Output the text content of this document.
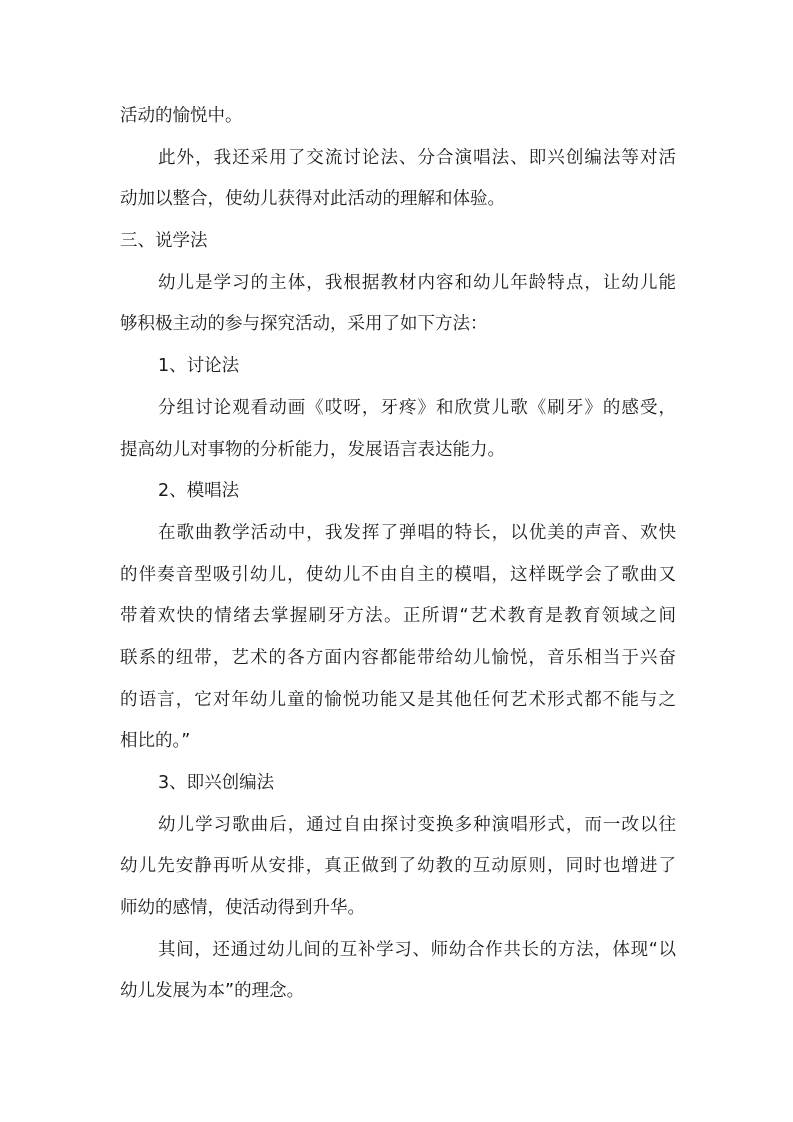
活动的愉悦中。
此外，我还采用了交流讨论法、分合演唱法、即兴创编法等对活
动加以整合，使幼儿获得对此活动的理解和体验。
三、说学法
幼儿是学习的主体，我根据教材内容和幼儿年龄特点，让幼儿能
够积极主动的参与探究活动，采用了如下方法：
1、讨论法
分组讨论观看动画《哎呀，牙疼》和欣赏儿歌《刷牙》的感受，
提高幼儿对事物的分析能力，发展语言表达能力。
2、模唱法
在歌曲教学活动中，我发挥了弹唱的特长，以优美的声音、欢快
的伴奏音型吸引幼儿，使幼儿不由自主的模唱，这样既学会了歌曲又
带着欢快的情绪去掌握刷牙方法。正所谓“艺术教育是教育领域之间
联系的纽带，艺术的各方面内容都能带给幼儿愉悦，音乐相当于兴奋
的语言，它对年幼儿童的愉悦功能又是其他任何艺术形式都不能与之
相比的。”
3、即兴创编法
幼儿学习歌曲后，通过自由探讨变换多种演唱形式，而一改以往
幼儿先安静再听从安排，真正做到了幼教的互动原则，同时也增进了
师幼的感情，使活动得到升华。
其间，还通过幼儿间的互补学习、师幼合作共长的方法，体现“以
幼儿发展为本”的理念。
